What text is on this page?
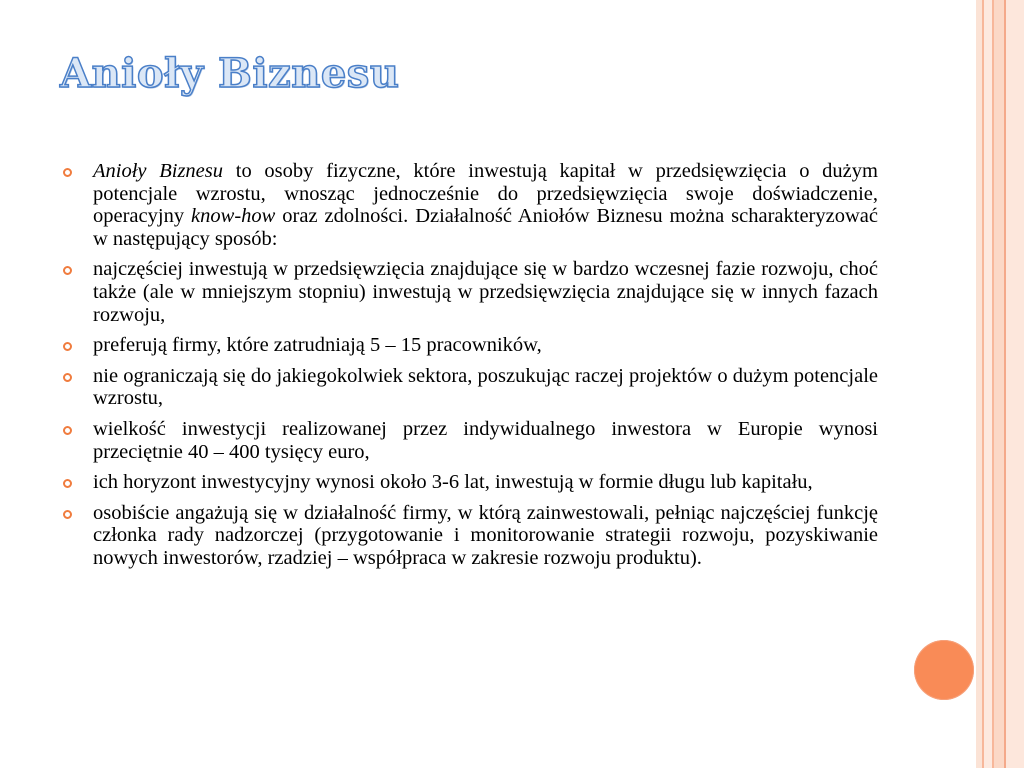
Anioły Biznesu
Anioły Biznesu to osoby fizyczne, które inwestują kapitał w przedsięwzięcia o dużym potencjale wzrostu, wnosząc jednocześnie do przedsięwzięcia swoje doświadczenie, operacyjny know-how oraz zdolności. Działalność Aniołów Biznesu można scharakteryzować w następujący sposób:
najczęściej inwestują w przedsięwzięcia znajdujące się w bardzo wczesnej fazie rozwoju, choć także (ale w mniejszym stopniu) inwestują w przedsięwzięcia znajdujące się w innych fazach rozwoju,
preferują firmy, które zatrudniają 5 – 15 pracowników,
nie ograniczają się do jakiegokolwiek sektora, poszukując raczej projektów o dużym potencjale wzrostu,
wielkość inwestycji realizowanej przez indywidualnego inwestora w Europie wynosi przeciętnie 40 – 400 tysięcy euro,
ich horyzont inwestycyjny wynosi około 3-6 lat, inwestują w formie długu lub kapitału,
osobiście angażują się w działalność firmy, w którą zainwestowali, pełniąc najczęściej funkcję członka rady nadzorczej (przygotowanie i monitorowanie strategii rozwoju, pozyskiwanie nowych inwestorów, rzadziej – współpraca w zakresie rozwoju produktu).
